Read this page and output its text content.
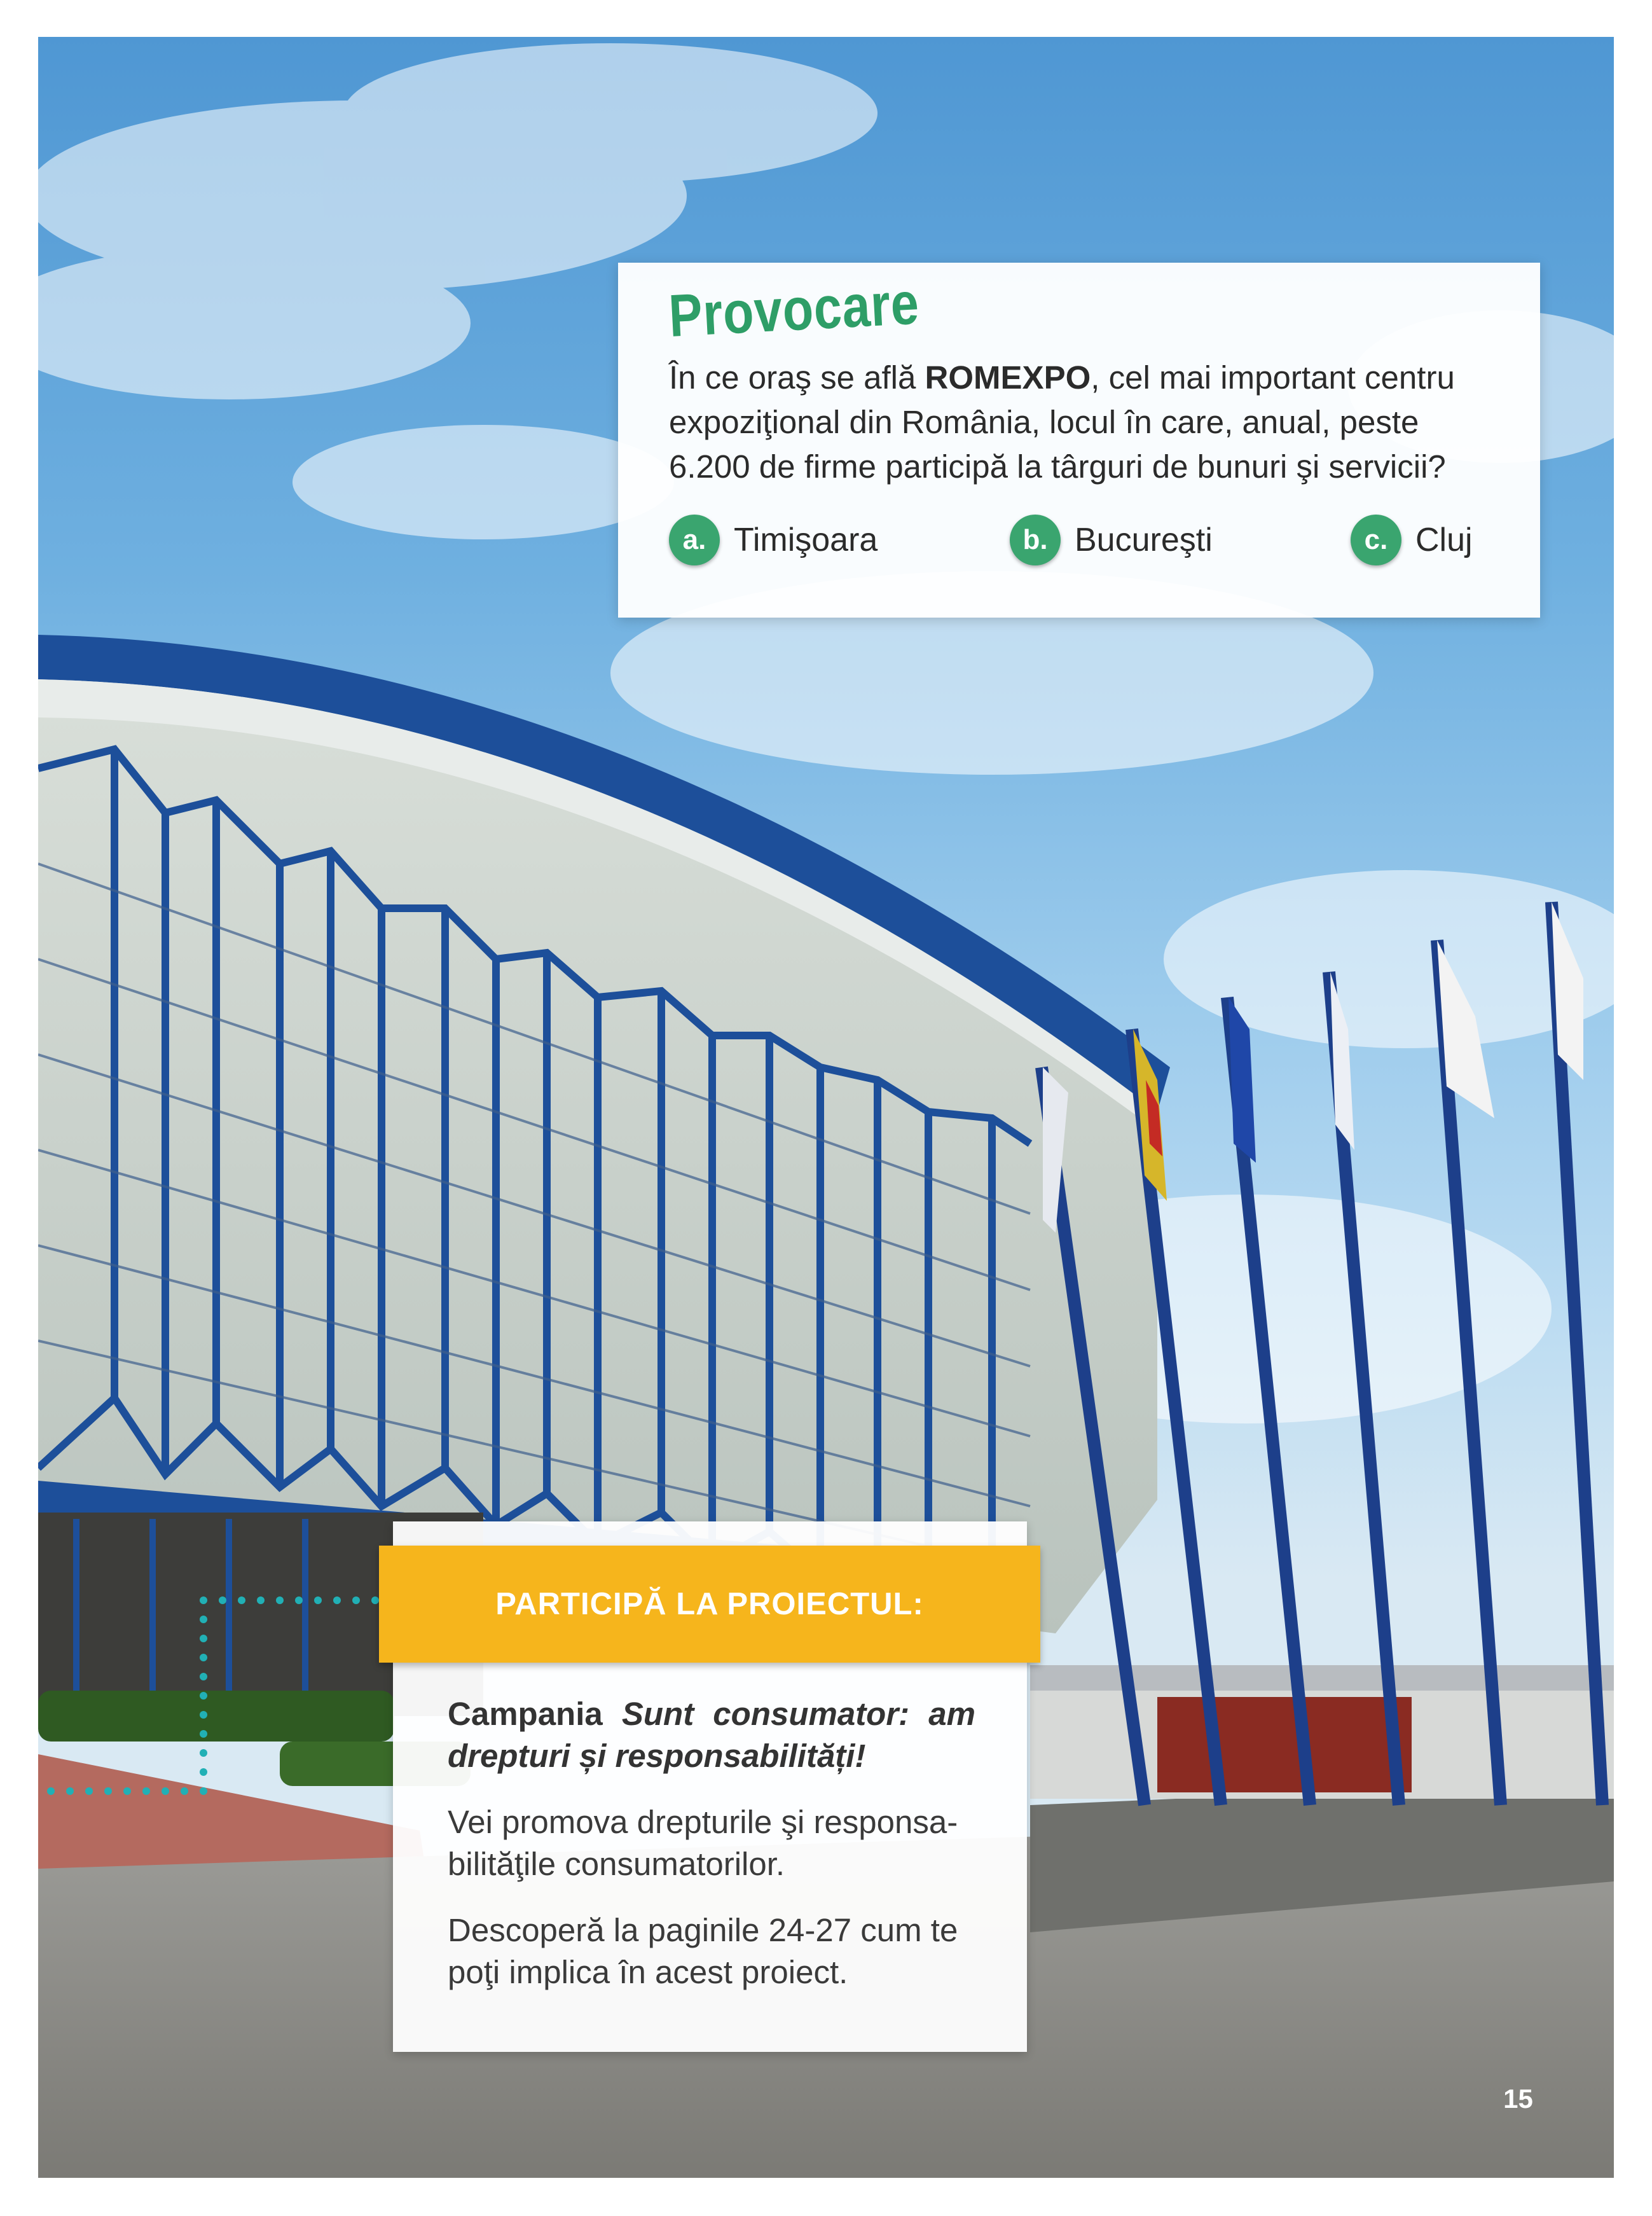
Provocare

În ce oraş se află ROMEXPO, cel mai important centru expoziţional din România, locul în care, anual, peste 6.200 de firme participă la târguri de bunuri şi servicii?

a. Timişoara	b. Bucureşti	c. Cluj
PARTICIPĂ LA PROIECTUL:

Campania Sunt consumator: am drepturi și responsabilități!

Vei promova drepturile şi responsa-bilităţile consumatorilor.

Descoperă la paginile 24-27 cum te poţi implica în acest proiect.

15
